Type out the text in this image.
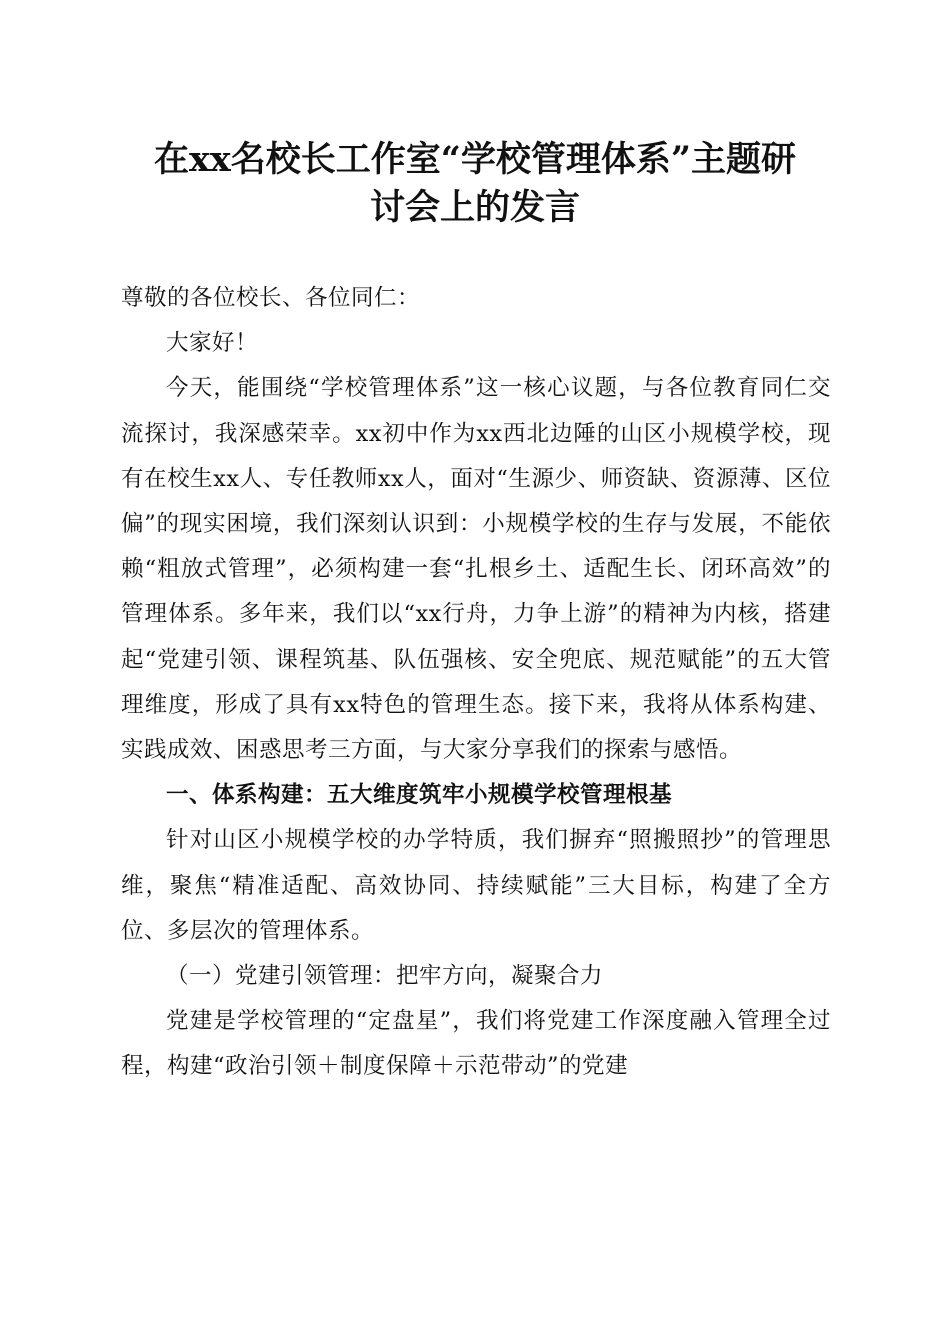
在xx名校长工作室“学校管理体系”主题研
讨会上的发言

尊敬的各位校长、各位同仁：

大家好！

今天，能围绕“学校管理体系”这一核心议题，与各位教育同仁交流探讨，我深感荣幸。xx初中作为xx西北边陲的山区小规模学校，现有在校生xx人、专任教师xx人，面对“生源少、师资缺、资源薄、区位偏”的现实困境，我们深刻认识到：小规模学校的生存与发展，不能依赖“粗放式管理”，必须构建一套“扎根乡土、适配生长、闭环高效”的管理体系。多年来，我们以“xx行舟，力争上游”的精神为内核，搭建起“党建引领、课程筑基、队伍强核、安全兜底、规范赋能”的五大管理维度，形成了具有xx特色的管理生态。接下来，我将从体系构建、实践成效、困惑思考三方面，与大家分享我们的探索与感悟。

一、体系构建：五大维度筑牢小规模学校管理根基

针对山区小规模学校的办学特质，我们摒弃“照搬照抄”的管理思维，聚焦“精准适配、高效协同、持续赋能”三大目标，构建了全方位、多层次的管理体系。

（一）党建引领管理：把牢方向，凝聚合力

党建是学校管理的“定盘星”，我们将党建工作深度融入管理全过程，构建“政治引领＋制度保障＋示范带动”的党建
